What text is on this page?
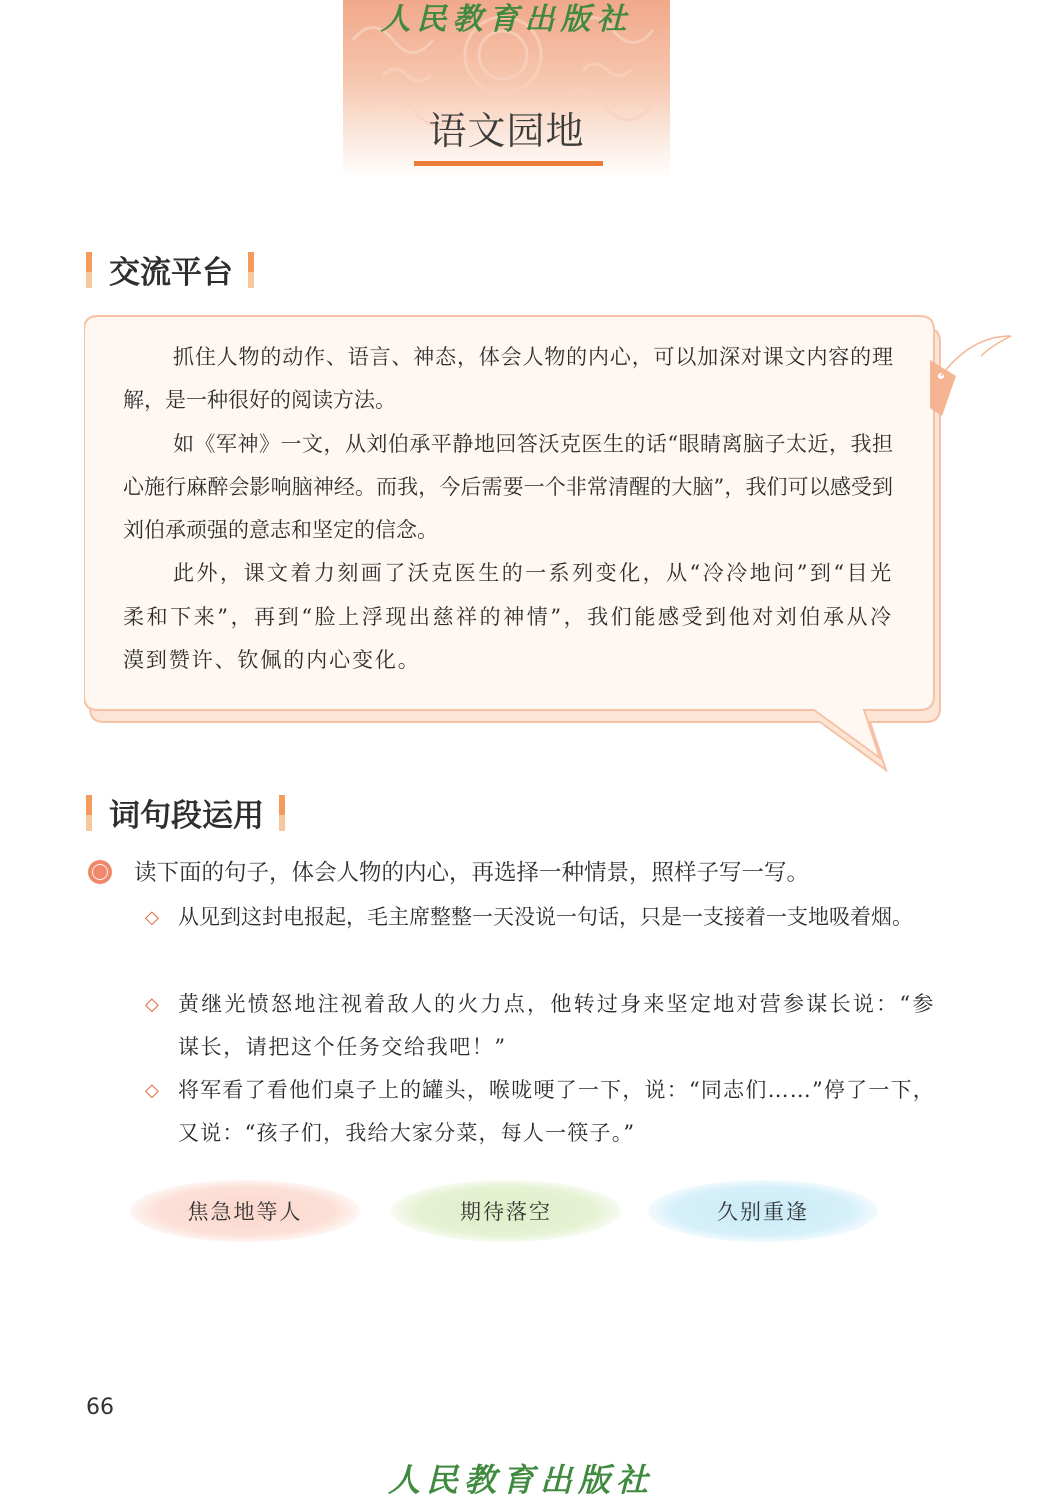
人民教育出版社
语文园地
交流平台

抓住人物的动作、语言、神态，体会人物的内心，可以加深对课文内容的理解，是一种很好的阅读方法。

如《军神》一文，从刘伯承平静地回答沃克医生的话“眼睛离脑子太近，我担心施行麻醉会影响脑神经。而我，今后需要一个非常清醒的大脑”，我们可以感受到刘伯承顽强的意志和坚定的信念。

此外，课文着力刻画了沃克医生的一系列变化，从“冷冷地问”到“目光柔和下来”，再到“脸上浮现出慈祥的神情”，我们能感受到他对刘伯承从冷漠到赞许、钦佩的内心变化。

词句段运用
读下面的句子，体会人物的内心，再选择一种情景，照样子写一写。
◇ 从见到这封电报起，毛主席整整一天没说一句话，只是一支接着一支地吸着烟。
◇ 黄继光愤怒地注视着敌人的火力点，他转过身来坚定地对营参谋长说：“参谋长，请把这个任务交给我吧！”
◇ 将军看了看他们桌子上的罐头，喉咙哽了一下，说：“同志们……”停了一下，又说：“孩子们，我给大家分菜，每人一筷子。”
焦急地等人	期待落空	久别重逢
66
人民教育出版社
